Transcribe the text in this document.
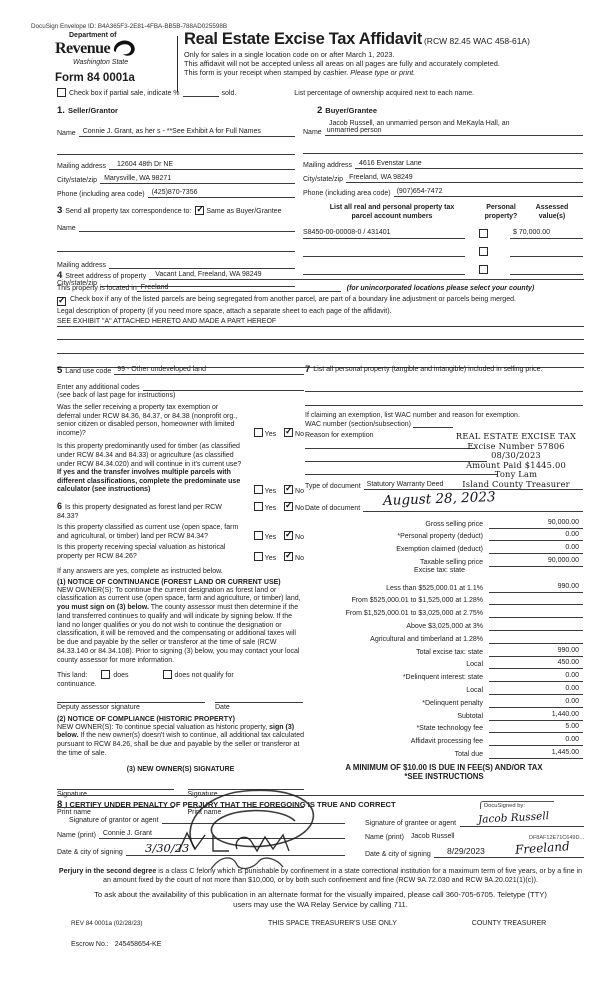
DocuSign Envelope ID: B4A365F3-2E81-4FBA-BB5B-788AD025598B
Department of
Revenue
Washington State
Form 84 0001a
Real Estate Excise Tax Affidavit (RCW 82.45 WAC 458-61A)
Only for sales in a single location code on or after March 1, 2023.
This affidavit will not be accepted unless all areas on all pages are fully and accurately completed.
This form is your receipt when stamped by cashier. Please type or print.
Check box if partial sale, indicate %	sold.	List percentage of ownership acquired next to each name.
1. Seller/Grantor
Name	Connie J. Grant, as her s - **See Exhibit A for Full Names
Mailing address	12604 48th Dr NE
City/state/zip	Marysville, WA 98271
Phone (including area code)	(425)870-7356
3 Send all property tax correspondence to: ✓ Same as Buyer/Grantee
Name
Mailing address
City/state/zip
2 Buyer/Grantee
Jacob Russell, an unmarried person and MeKayla Hall, an
Name unmarried person
Mailing address	4616 Evenstar Lane
City/state/zip Freeland, WA 98249
Phone (including area code) (907)654-7472
List all real and personal property tax
parcel account numbers
Personal
property?
Assessed
value(s)
S8450-00-00008-0 / 431401	$ 70,000.00
4 Street address of property	Vacant Land, Freeland, WA 98249
This property is located in Freeland	(for unincorporated locations please select your county)
✓ Check box if any of the listed parcels are being segregated from another parcel, are part of a boundary line adjustment or parcels being merged.
Legal description of property (if you need more space, attach a separate sheet to each page of the affidavit).
SEE EXHIBIT "A" ATTACHED HERETO AND MADE A PART HEREOF
5 Land use code 99 - Other undeveloped land
Enter any additional codes
(see back of last page for instructions)
Was the seller receiving a property tax exemption or deferral under RCW 84.36, 84.37, or 84.38 (nonprofit org., senior citizen or disabled person, homeowner with limited income)?	Yes ✓ No
Is this property predominantly used for timber (as classified under RCW 84.34 and 84.33) or agriculture (as classified under RCW 84.34.020) and will continue in it's current use? If yes and the transfer involves multiple parcels with different classifications, complete the predominate use calculator (see instructions)	Yes ✓ No
6 Is this property designated as forest land per RCW 84.33?
Yes ✓ No
Is this property classified as current use (open space, farm and agricultural, or timber) land per RCW 84.34?	Yes ✓ No
Is this property receiving special valuation as historical property per RCW 84.26?	Yes ✓ No
If any answers are yes, complete as instructed below.
(1) NOTICE OF CONTINUANCE (FOREST LAND OR CURRENT USE)
NEW OWNER(S): To continue the current designation as forest land or classification as current use (open space, farm and agriculture, or timber) land, you must sign on (3) below. The county assessor must then determine if the land transferred continues to qualify and will indicate by signing below. If the land no longer qualifies or you do not wish to continue the designation or classification, it will be removed and the compensating or additional taxes will be due and payable by the seller or transferor at the time of sale (RCW 84.33.140 or 84.34.108). Prior to signing (3) below, you may contact your local county assessor for more information.
This land:	does	does not qualify for
continuance.
Deputy assessor signature	Date
(2) NOTICE OF COMPLIANCE (HISTORIC PROPERTY)
NEW OWNER(S): To continue special valuation as historic property, sign (3) below. If the new owner(s) doesn't wish to continue, all additional tax calculated pursuant to RCW 84.26, shall be due and payable by the seller or transferor at the time of sale.
(3) NEW OWNER(S) SIGNATURE
Signature	Signature
Print name	Print name
7 List all personal property (tangible and intangible) included in selling price.
If claiming an exemption, list WAC number and reason for exemption.
WAC number (section/subsection)
Reason for exemption	REAL ESTATE EXCISE TAX
Excise Number 57806
08/30/2023
Amount Paid $1445.00
Tony Lam
Island County Treasurer
Type of document Statutory Warranty Deed
Date of document August 28, 2023
Gross selling price	90,000.00
*Personal property (deduct)	0.00
Exemption claimed (deduct)	0.00
Taxable selling price	90,000.00
Excise tax: state
Less than $525,000.01 at 1.1%	990.00
From $525,000.01 to $1,525,000 at 1.28%
From $1,525,000.01 to $3,025,000 at 2.75%
Above $3,025,000 at 3%
Agricultural and timberland at 1.28%
Total excise tax: state	990.00
Local	450.00
*Delinquent interest: state	0.00
Local	0.00
*Delinquent penalty	0.00
Subtotal	1,440.00
*State technology fee	5.00
Affidavit processing fee	0.00
Total due	1,445.00
A MINIMUM OF $10.00 IS DUE IN FEE(S) AND/OR TAX
*SEE INSTRUCTIONS
8 I CERTIFY UNDER PENALTY OF PERJURY THAT THE FOREGOING IS TRUE AND CORRECT
Signature of grantor or agent
Name (print)	Connie J. Grant
Date & city of signing 3/30/23
Signature of grantee or agent Jacob Russell
DocuSigned by:
Name (print)	Jacob Russell	DF8AF12E71C649D...
Date & city of signing 8/29/2023 Freeland
Perjury in the second degree is a class C felony which is punishable by confinement in a state correctional institution for a maximum term of five years, or by a fine in an amount fixed by the court of not more than $10,000, or by both such confinement and fine (RCW 9A.72.030 and RCW 9A.20.021(1)(c)).
To ask about the availability of this publication in an alternate format for the visually impaired, please call 360-705-6705. Teletype (TTY) users may use the WA Relay Service by calling 711.
REV 84 0001a (02/28/23)	THIS SPACE TREASURER'S USE ONLY	COUNTY TREASURER
Escrow No.: 245458654-KE
